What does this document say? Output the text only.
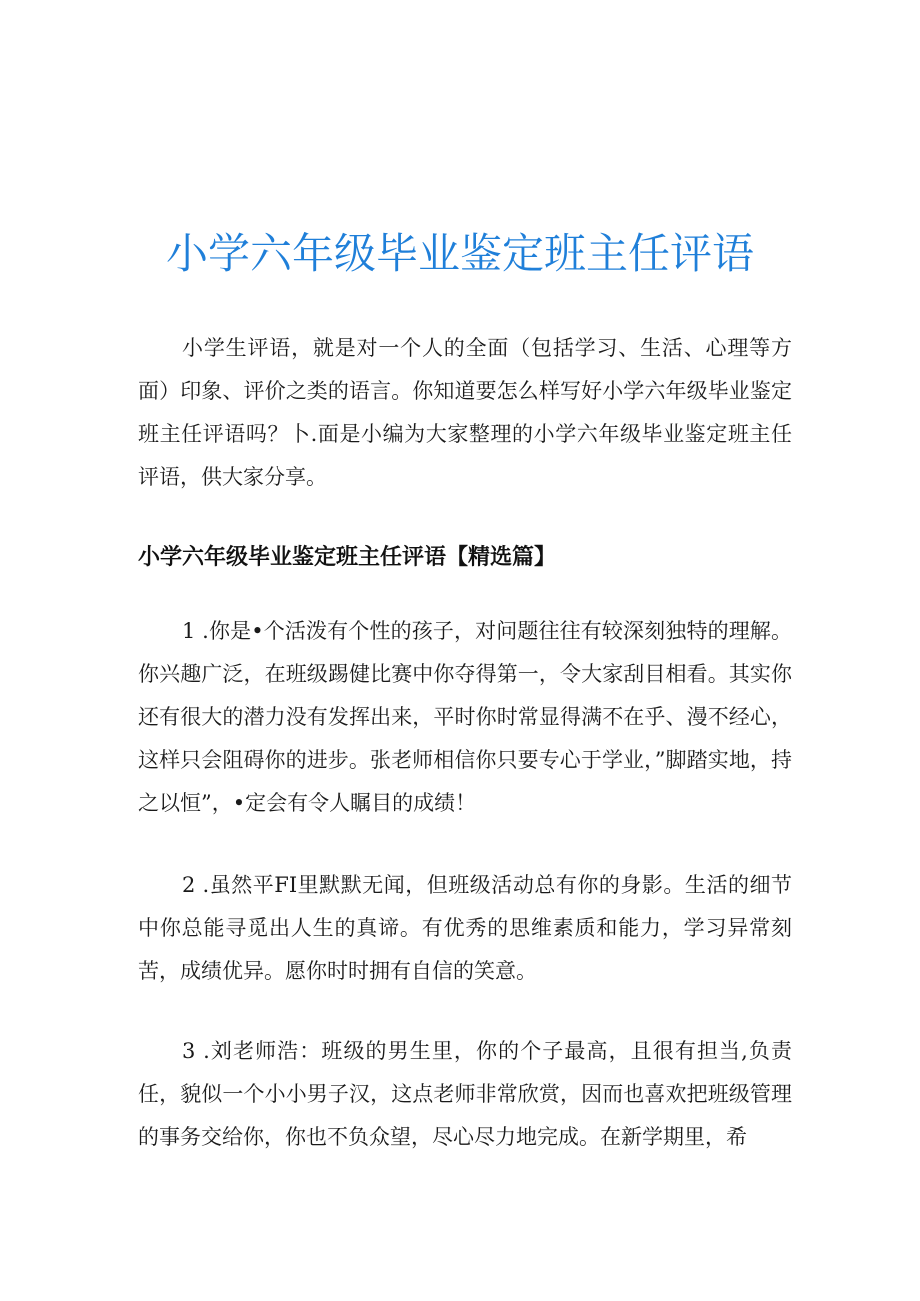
小学六年级毕业鉴定班主任评语

小学生评语，就是对一个人的全面（包括学习、生活、心理等方面）印象、评价之类的语言。你知道要怎么样写好小学六年级毕业鉴定班主任评语吗？卜.面是小编为大家整理的小学六年级毕业鉴定班主任评语，供大家分享。

小学六年级毕业鉴定班主任评语【精选篇】

1 .你是•个活泼有个性的孩子，对问题往往有较深刻独特的理解。你兴趣广泛，在班级踢健比赛中你夺得第一，令大家刮目相看。其实你还有很大的潜力没有发挥出来，平时你时常显得满不在乎、漫不经心，这样只会阻碍你的进步。张老师相信你只要专心于学业，”脚踏实地，持之以恒”，•定会有令人瞩目的成绩！

2 .虽然平FI里默默无闻，但班级活动总有你的身影。生活的细节中你总能寻觅出人生的真谛。有优秀的思维素质和能力，学习异常刻苦，成绩优异。愿你时时拥有自信的笑意。

3 .刘老师浩：班级的男生里，你的个子最高，且很有担当,负责任，貌似一个小小男子汉，这点老师非常欣赏，因而也喜欢把班级管理的事务交给你，你也不负众望，尽心尽力地完成。在新学期里，希
